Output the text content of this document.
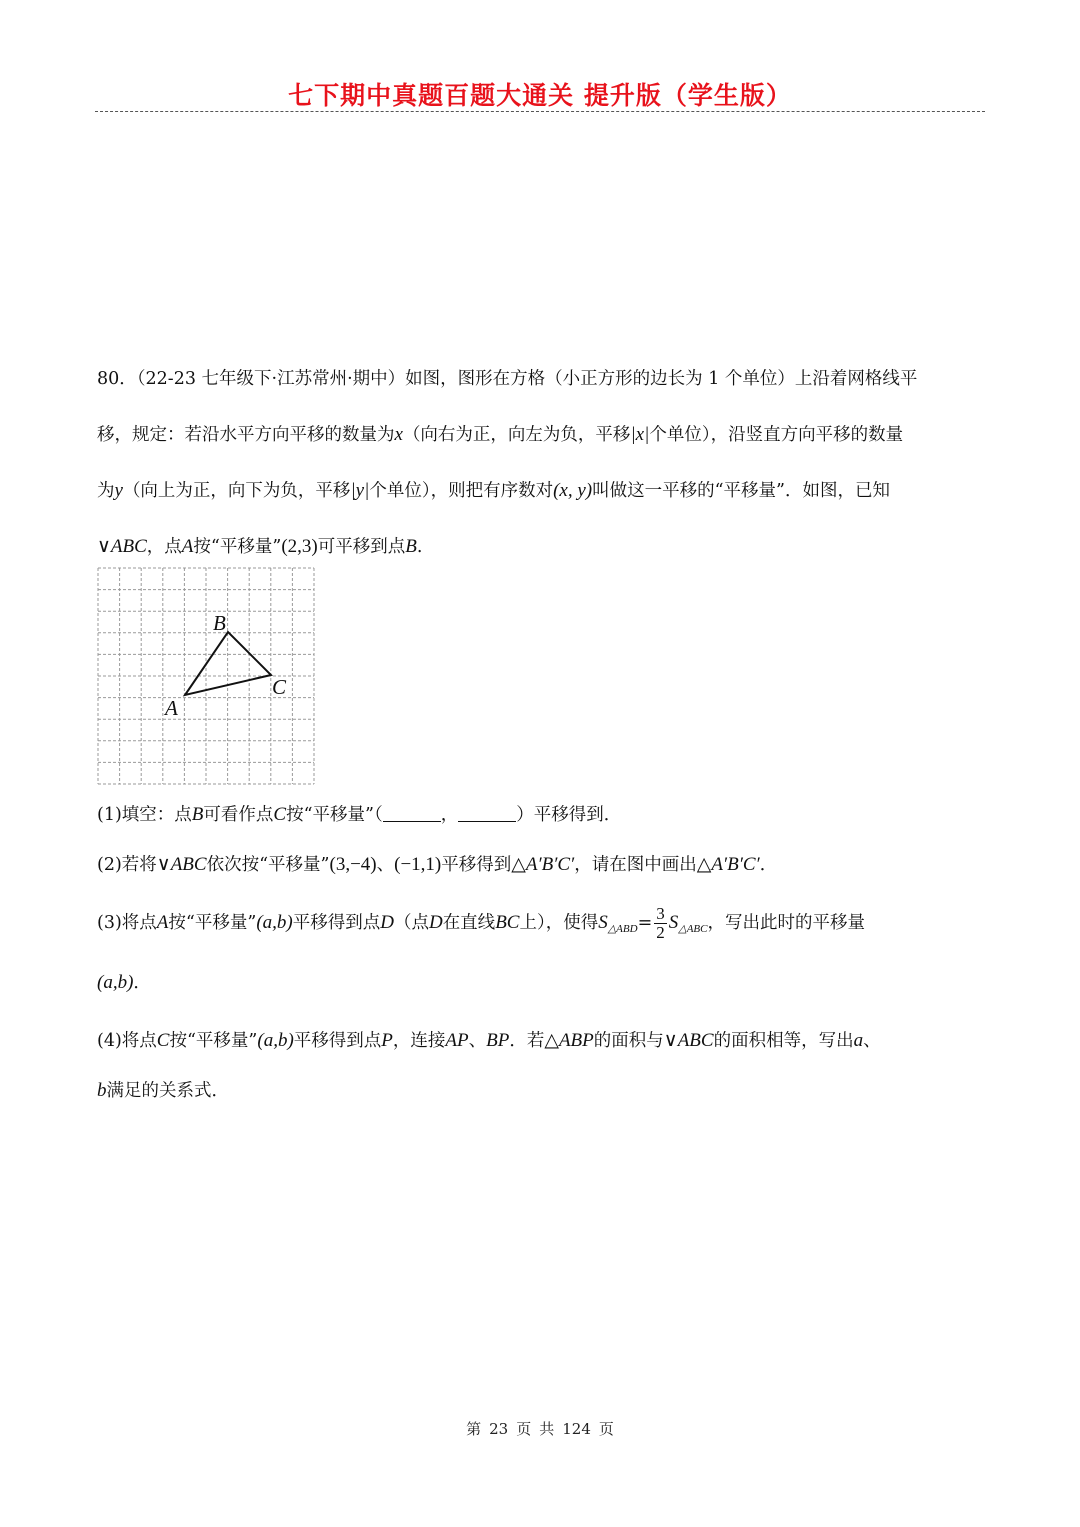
七下期中真题百题大通关 提升版（学生版）

80．（22-23 七年级下·江苏常州·期中）如图，图形在方格（小正方形的边长为 1 个单位）上沿着网格线平

移，规定：若沿水平方向平移的数量为x（向右为正，向左为负，平移|x|个单位），沿竖直方向平移的数量

为y（向上为正，向下为负，平移|y|个单位），则把有序数对(x, y)叫做这一平移的“平移量”．如图，已知

∨ABC，点A按“平移量”(2,3)可平移到点B.

B
C
A

(1)填空：点B可看作点C按“平移量”（	，	）平移得到．

(2)若将∨ABC依次按“平移量”(3,−4)、(−1,1)平移得到△A′B′C′，请在图中画出△A′B′C′．

(3)将点A按“平移量”(a,b)平移得到点D（点D在直线BC上），使得$S_{\triangle ABD}= \frac{3}{2} S_{\triangle ABC}$，写出此时的平移量

(a,b)．

(4)将点C按“平移量”(a,b)平移得到点P，连接AP、BP．若△ABP的面积与∨ABC的面积相等，写出a、

b满足的关系式．

第 23 页 共 124 页
